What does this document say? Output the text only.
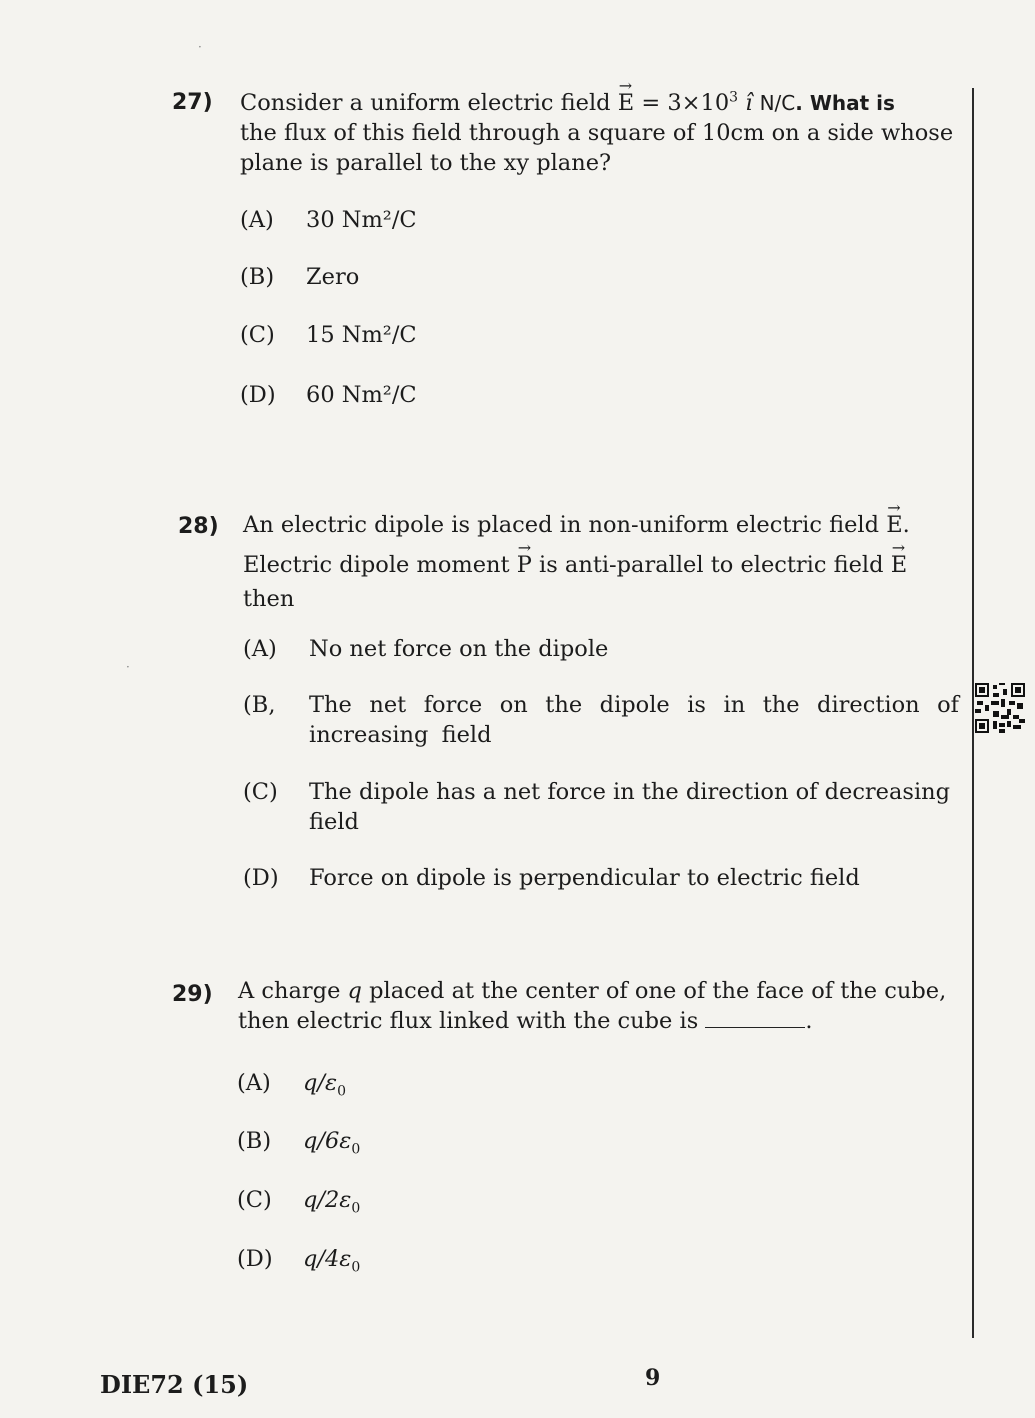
27) Consider a uniform electric field → $E = 3\times 10^3$ î N/C. What is
the flux of this field through a square of 10cm on a side whose
plane is parallel to the xy plane?
(A) 30 Nm²/C
(B) Zero
(C) 15 Nm²/C
(D) 60 Nm²/C
28) An electric dipole is placed in non-uniform electric field → E.
Electric dipole moment → P is anti-parallel to electric field → E
then
(A) No net force on the dipole
(B, The net force on the dipole is in the direction of increasing field
(C) The dipole has a net force in the direction of decreasing field
(D) Force on dipole is perpendicular to electric field
29) A charge q placed at the center of one of the face of the cube,
then electric flux linked with the cube is	.
(A) $q/\varepsilon_0$
(B) $q/6\varepsilon_0$
(C) $q/2\varepsilon_0$
(D) $q/4\varepsilon_0$
·
·
DIE72 (15)	9
